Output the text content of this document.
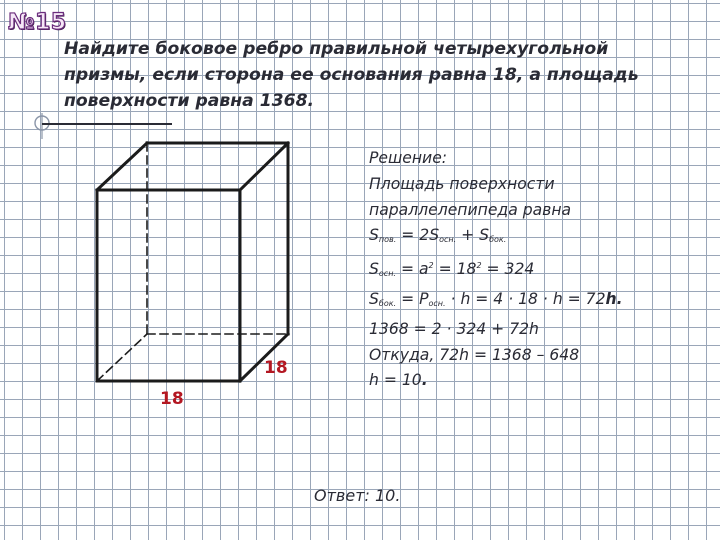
№15

Найдите боковое ребро правильной четырехугольной
призмы, если сторона ее основания равна 18, а площадь
поверхности равна 1368.

18
18
Решение:
Площадь поверхности
параллелепипеда равна
$S_{пов.} = 2S_{осн.} + S_{бок.}$
$S_{осн.} = a^2 = 18^2 = 324$
$S_{бок.} = P_{осн.} \cdot h = 4 \cdot 18 \cdot h = 72h$.
1368 = 2 · 324 + 72h
Откуда, 72h = 1368 – 648
h = 10.
Ответ: 10.
